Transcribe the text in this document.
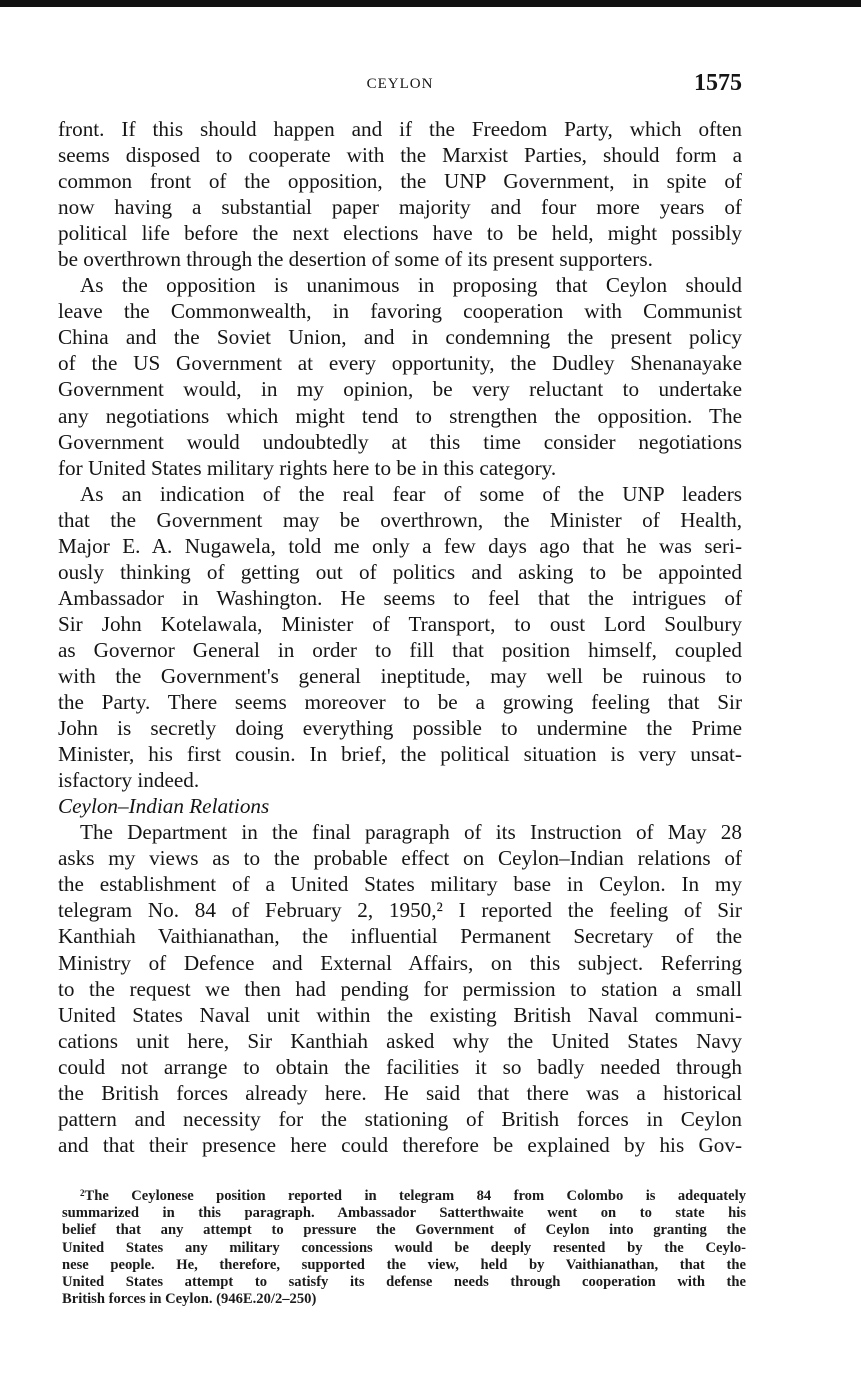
CEYLON	1575
front. If this should happen and if the Freedom Party, which often
seems disposed to cooperate with the Marxist Parties, should form a
common front of the opposition, the UNP Government, in spite of
now having a substantial paper majority and four more years of
political life before the next elections have to be held, might possibly
be overthrown through the desertion of some of its present supporters.
As the opposition is unanimous in proposing that Ceylon should
leave the Commonwealth, in favoring cooperation with Communist
China and the Soviet Union, and in condemning the present policy
of the US Government at every opportunity, the Dudley Shenanayake
Government would, in my opinion, be very reluctant to undertake
any negotiations which might tend to strengthen the opposition. The
Government would undoubtedly at this time consider negotiations
for United States military rights here to be in this category.
As an indication of the real fear of some of the UNP leaders
that the Government may be overthrown, the Minister of Health,
Major E. A. Nugawela, told me only a few days ago that he was seri-
ously thinking of getting out of politics and asking to be appointed
Ambassador in Washington. He seems to feel that the intrigues of
Sir John Kotelawala, Minister of Transport, to oust Lord Soulbury
as Governor General in order to fill that position himself, coupled
with the Government's general ineptitude, may well be ruinous to
the Party. There seems moreover to be a growing feeling that Sir
John is secretly doing everything possible to undermine the Prime
Minister, his first cousin. In brief, the political situation is very unsat-
isfactory indeed.
Ceylon–Indian Relations
The Department in the final paragraph of its Instruction of May 28
asks my views as to the probable effect on Ceylon–Indian relations of
the establishment of a United States military base in Ceylon. In my
telegram No. 84 of February 2, 1950,² I reported the feeling of Sir
Kanthiah Vaithianathan, the influential Permanent Secretary of the
Ministry of Defence and External Affairs, on this subject. Referring
to the request we then had pending for permission to station a small
United States Naval unit within the existing British Naval communi-
cations unit here, Sir Kanthiah asked why the United States Navy
could not arrange to obtain the facilities it so badly needed through
the British forces already here. He said that there was a historical
pattern and necessity for the stationing of British forces in Ceylon
and that their presence here could therefore be explained by his Gov-
$^2$The Ceylonese position reported in telegram 84 from Colombo is adequately
summarized in this paragraph. Ambassador Satterthwaite went on to state his
belief that any attempt to pressure the Government of Ceylon into granting the
United States any military concessions would be deeply resented by the Ceylo-
nese people. He, therefore, supported the view, held by Vaithianathan, that the
United States attempt to satisfy its defense needs through cooperation with the
British forces in Ceylon. (946E.20/2–250)
